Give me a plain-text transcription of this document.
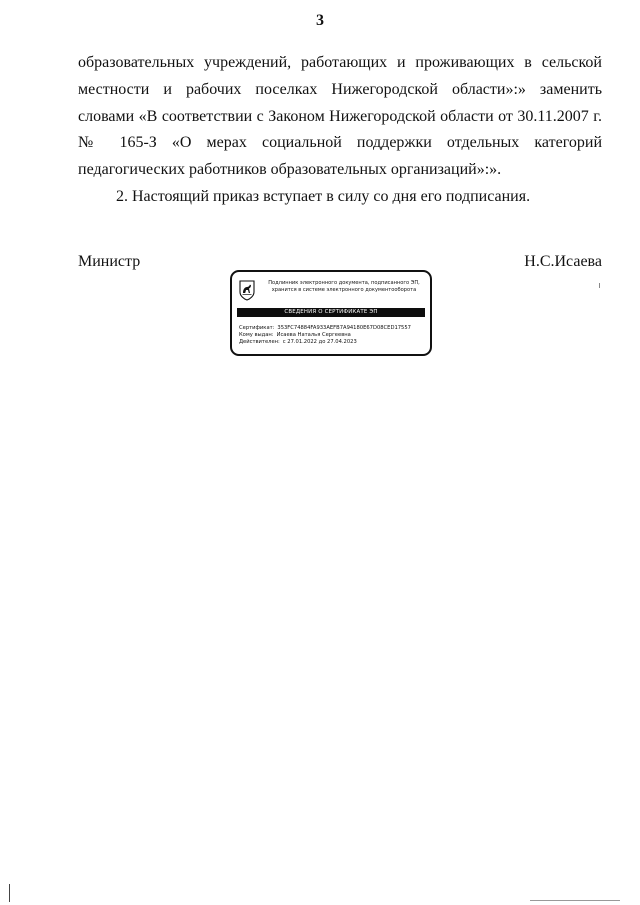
3

образовательных учреждений, работающих и проживающих в сельской местности и рабочих поселках Нижегородской области»:» заменить словами «В соответствии с Законом Нижегородской области от 30.11.2007 г. № 165-З «О мерах социальной поддержки отдельных категорий педагогических работников образовательных организаций»:».

2. Настоящий приказ вступает в силу со дня его подписания.

Министр	Н.С.Исаева
Подлинник электронного документа, подписанного ЭП,
хранится в системе электронного документооборота
СВЕДЕНИЯ О СЕРТИФИКАТЕ ЭП
Сертификат: 353FC74884FA933AEFB7A94180E67D08CED17557
Кому выдан: Исаева Наталья Сергеевна
Действителен: с 27.01.2022 до 27.04.2023
